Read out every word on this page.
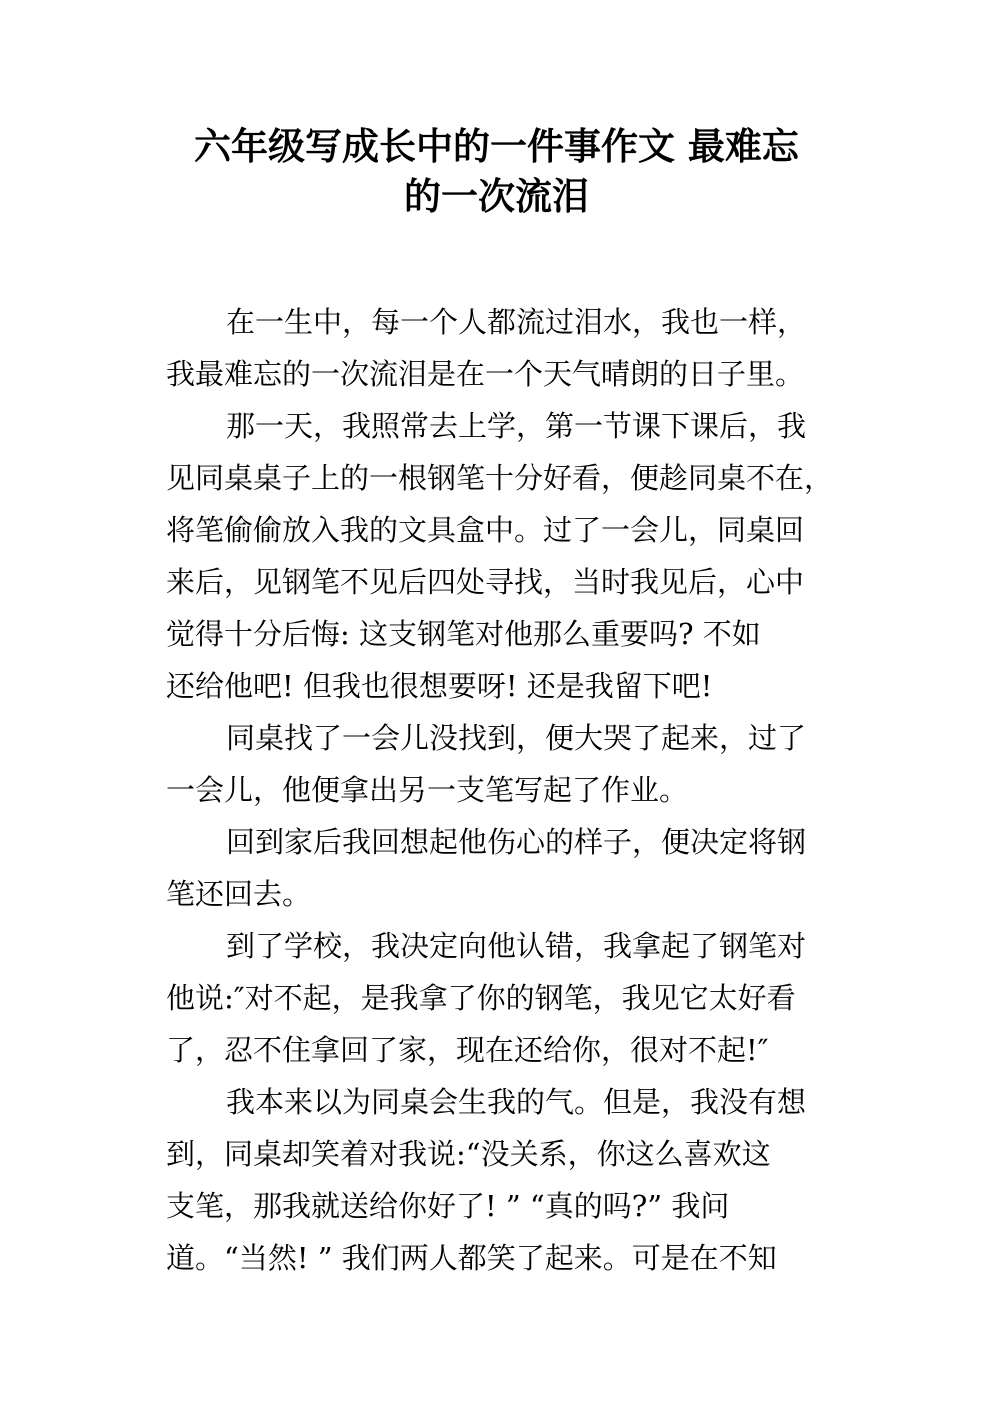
六年级写成长中的一件事作文 最难忘
的一次流泪

在一生中，每一个人都流过泪水，我也一样，
我最难忘的一次流泪是在一个天气晴朗的日子里。

那一天，我照常去上学，第一节课下课后，我
见同桌桌子上的一根钢笔十分好看，便趁同桌不在，
将笔偷偷放入我的文具盒中。过了一会儿，同桌回
来后，见钢笔不见后四处寻找，当时我见后，心中
觉得十分后悔: 这支钢笔对他那么重要吗? 不如
还给他吧! 但我也很想要呀! 还是我留下吧!

同桌找了一会儿没找到，便大哭了起来，过了
一会儿，他便拿出另一支笔写起了作业。

回到家后我回想起他伤心的样子，便决定将钢
笔还回去。

到了学校，我决定向他认错，我拿起了钢笔对
他说:″对不起，是我拿了你的钢笔，我见它太好看
了，忍不住拿回了家，现在还给你，很对不起!″

我本来以为同桌会生我的气。但是，我没有想
到，同桌却笑着对我说:“没关系，你这么喜欢这
支笔，那我就送给你好了! ” “真的吗?” 我问
道。“当然! ” 我们两人都笑了起来。可是在不知
